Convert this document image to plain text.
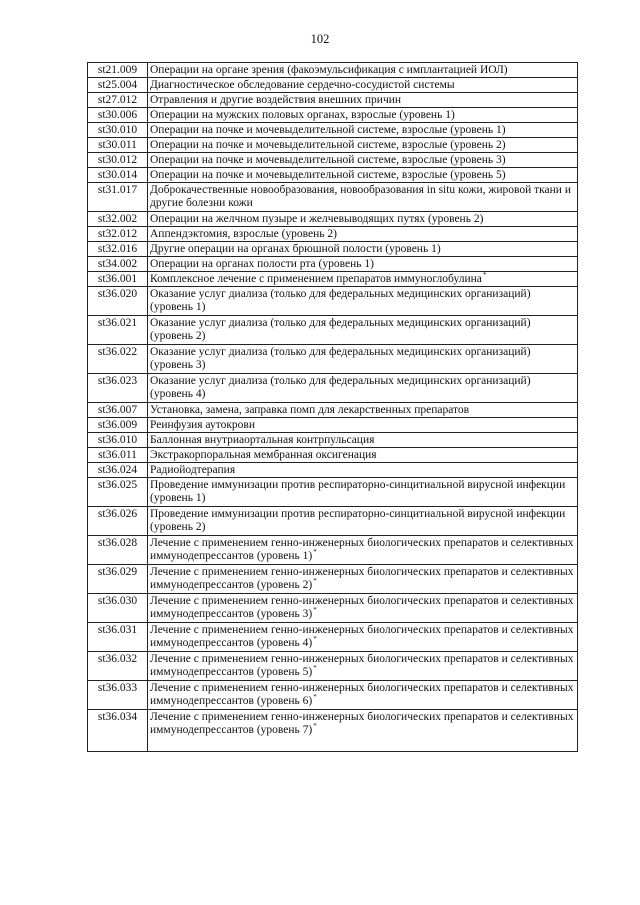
102
st21.009	Операции на органе зрения (факоэмульсификация с имплантацией ИОЛ)
st25.004	Диагностическое обследование сердечно-сосудистой системы
st27.012	Отравления и другие воздействия внешних причин
st30.006	Операции на мужских половых органах, взрослые (уровень 1)
st30.010	Операции на почке и мочевыделительной системе, взрослые (уровень 1)
st30.011	Операции на почке и мочевыделительной системе, взрослые (уровень 2)
st30.012	Операции на почке и мочевыделительной системе, взрослые (уровень 3)
st30.014	Операции на почке и мочевыделительной системе, взрослые (уровень 5)
st31.017	Доброкачественные новообразования, новообразования in situ кожи, жировой ткани и другие болезни кожи
st32.002	Операции на желчном пузыре и желчевыводящих путях (уровень 2)
st32.012	Аппендэктомия, взрослые (уровень 2)
st32.016	Другие операции на органах брюшной полости (уровень 1)
st34.002	Операции на органах полости рта (уровень 1)
st36.001	Комплексное лечение с применением препаратов иммуноглобулина*
st36.020	Оказание услуг диализа (только для федеральных медицинских организаций) (уровень 1)
st36.021	Оказание услуг диализа (только для федеральных медицинских организаций) (уровень 2)
st36.022	Оказание услуг диализа (только для федеральных медицинских организаций) (уровень 3)
st36.023	Оказание услуг диализа (только для федеральных медицинских организаций) (уровень 4)
st36.007	Установка, замена, заправка помп для лекарственных препаратов
st36.009	Реинфузия аутокрови
st36.010	Баллонная внутриаортальная контрпульсация
st36.011	Экстракорпоральная мембранная оксигенация
st36.024	Радиойодтерапия
st36.025	Проведение иммунизации против респираторно-синцитиальной вирусной инфекции (уровень 1)
st36.026	Проведение иммунизации против респираторно-синцитиальной вирусной инфекции (уровень 2)
st36.028	Лечение с применением генно-инженерных биологических препаратов и селективных иммунодепрессантов (уровень 1)*
st36.029	Лечение с применением генно-инженерных биологических препаратов и селективных иммунодепрессантов (уровень 2)*
st36.030	Лечение с применением генно-инженерных биологических препаратов и селективных иммунодепрессантов (уровень 3)*
st36.031	Лечение с применением генно-инженерных биологических препаратов и селективных иммунодепрессантов (уровень 4)*
st36.032	Лечение с применением генно-инженерных биологических препаратов и селективных иммунодепрессантов (уровень 5)*
st36.033	Лечение с применением генно-инженерных биологических препаратов и селективных иммунодепрессантов (уровень 6)*
st36.034	Лечение с применением генно-инженерных биологических препаратов и селективных иммунодепрессантов (уровень 7)*
